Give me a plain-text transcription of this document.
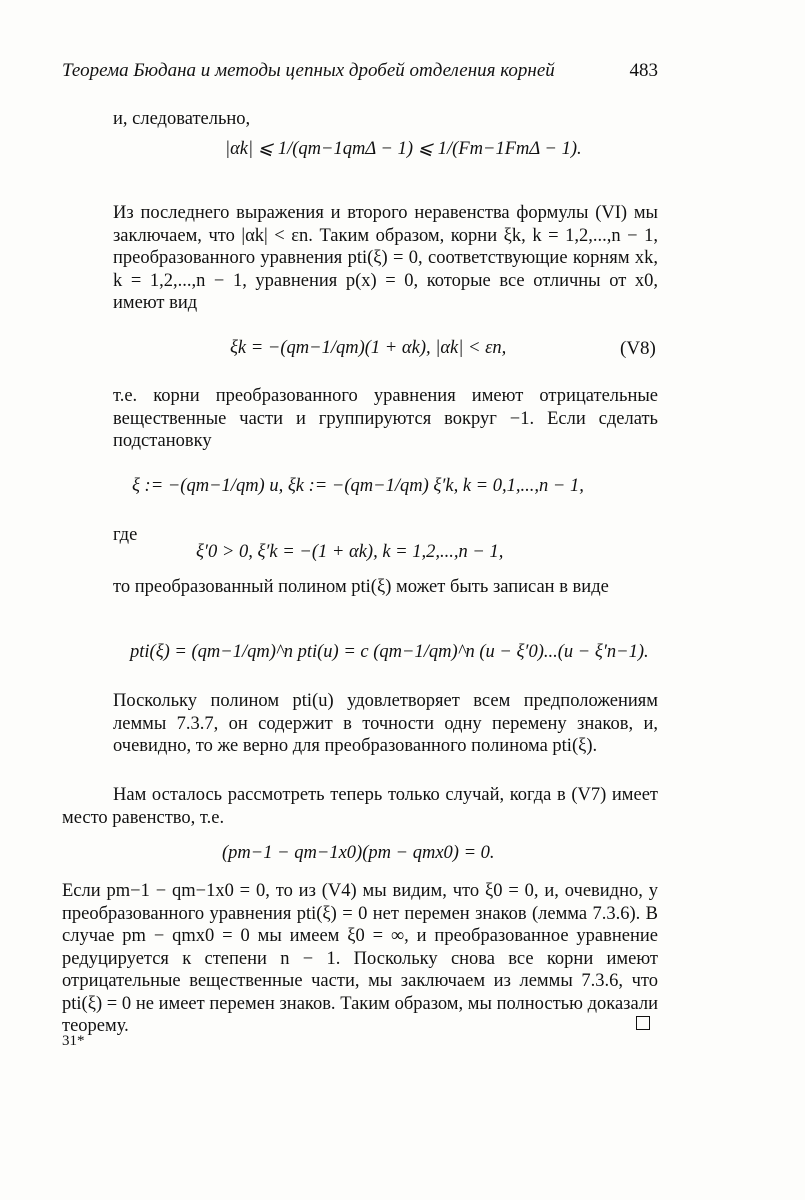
Теорема Бюдана и методы цепных дробей отделения корней	483
и, следовательно,
|αk| ⩽ 1/(qm−1qmΔ − 1) ⩽ 1/(Fm−1FmΔ − 1).
Из последнего выражения и второго неравенства формулы (VI) мы заключаем, что |αk| < εn. Таким образом, корни ξk, k = 1,2,...,n − 1, преобразованного уравнения pti(ξ) = 0, соответствующие корням xk, k = 1,2,...,n − 1, уравнения p(x) = 0, которые все отличны от x0, имеют вид
ξk = −(qm−1/qm)(1 + αk), |αk| < εn,	(V8)
т.е. корни преобразованного уравнения имеют отрицательные вещественные части и группируются вокруг −1. Если сделать подстановку
ξ := −(qm−1/qm) u, ξk := −(qm−1/qm) ξ′k, k = 0,1,...,n − 1,
где
ξ′0 > 0, ξ′k = −(1 + αk), k = 1,2,...,n − 1,
то преобразованный полином pti(ξ) может быть записан в виде
pti(ξ) = (qm−1/qm)^n pti(u) = c (qm−1/qm)^n (u − ξ′0)...(u − ξ′n−1).
Поскольку полином pti(u) удовлетворяет всем предположениям леммы 7.3.7, он содержит в точности одну перемену знаков, и, очевидно, то же верно для преобразованного полинома pti(ξ).
Нам осталось рассмотреть теперь только случай, когда в (V7) имеет место равенство, т.е.
(pm−1 − qm−1x0)(pm − qmx0) = 0.
Если pm−1 − qm−1x0 = 0, то из (V4) мы видим, что ξ0 = 0, и, очевидно, у преобразованного уравнения pti(ξ) = 0 нет перемен знаков (лемма 7.3.6). В случае pm − qmx0 = 0 мы имеем ξ0 = ∞, и преобразованное уравнение редуцируется к степени n − 1. Поскольку снова все корни имеют отрицательные вещественные части, мы заключаем из леммы 7.3.6, что pti(ξ) = 0 не имеет перемен знаков. Таким образом, мы полностью доказали теорему.
31*
